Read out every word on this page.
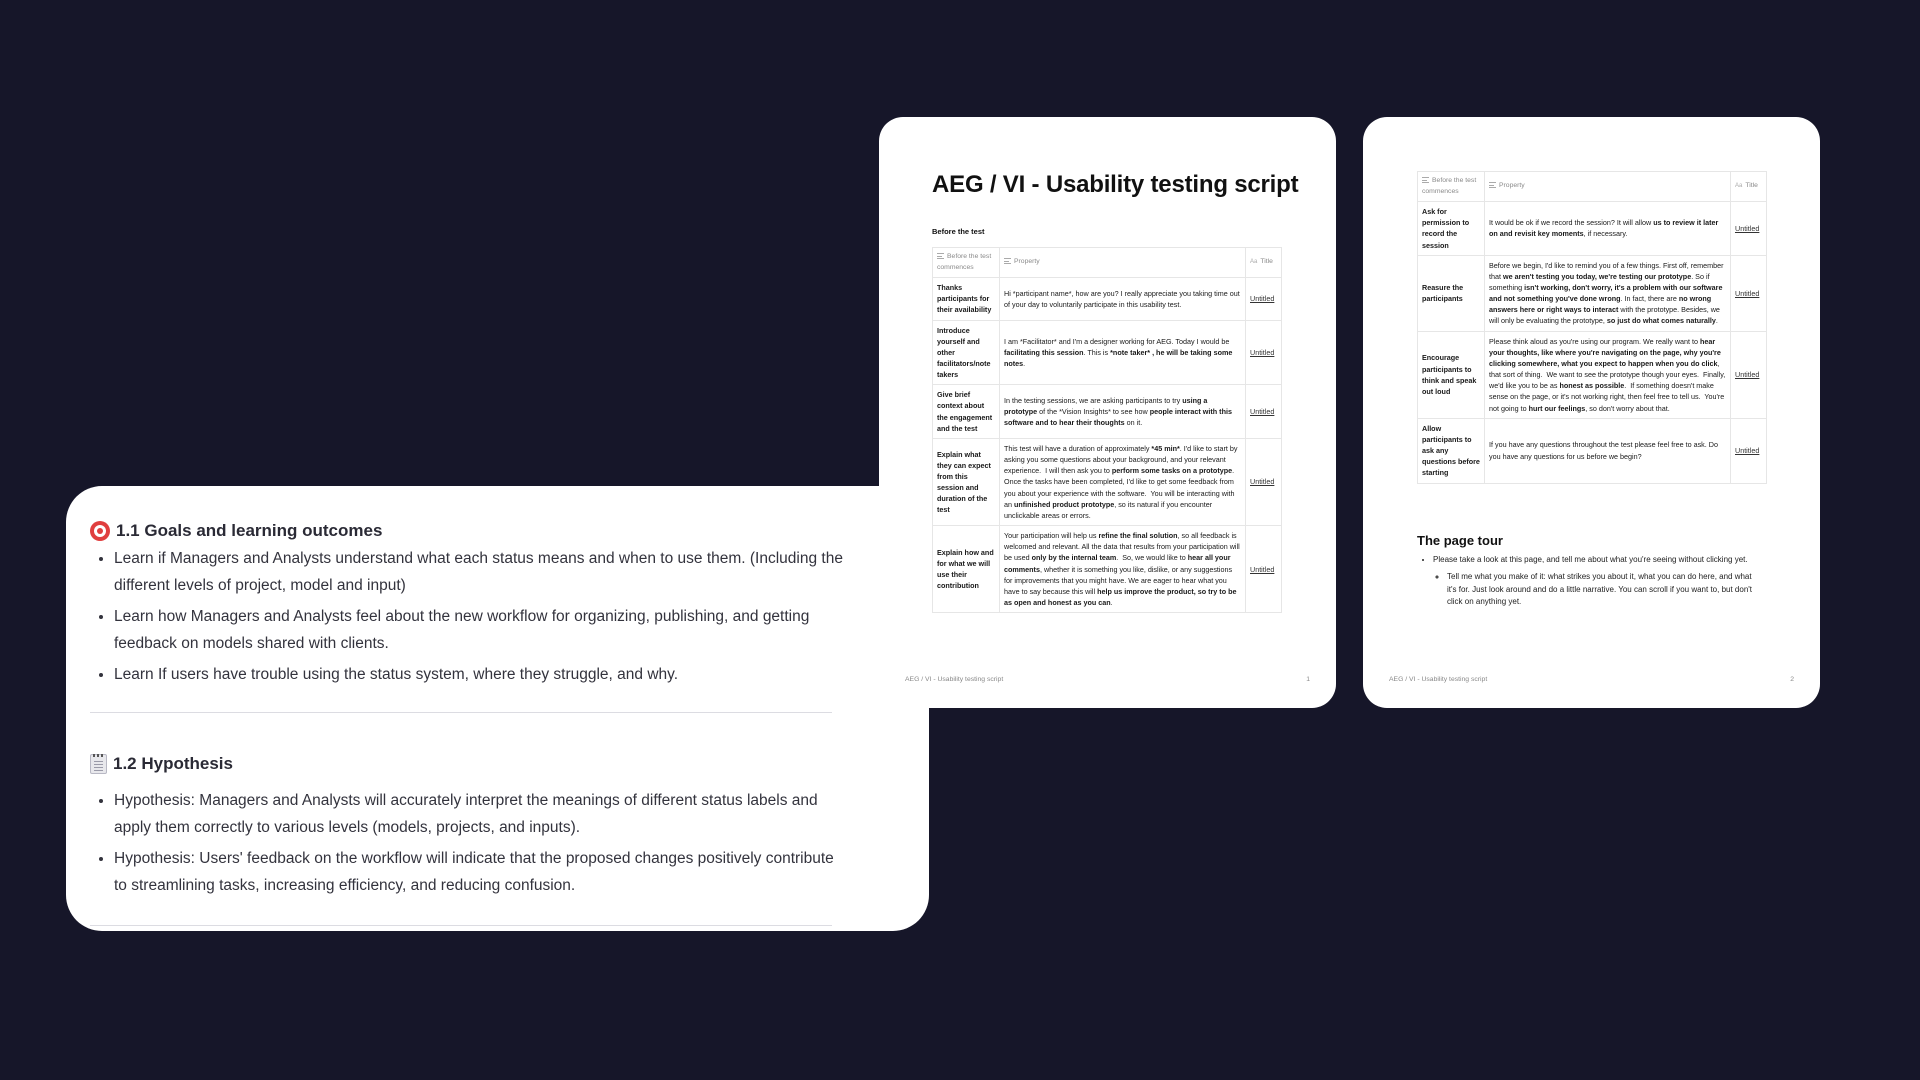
AEG / VI - Usability testing script
Before the test
Before the test commences	Property	Aa Title
Thanks participants for their availability	Hi *participant name*, how are you? I really appreciate you taking time out of your day to voluntarily participate in this usability test.	Untitled
Introduce yourself and other facilitators/note takers	I am *Facilitator* and I'm a designer working for AEG. Today I would be facilitating this session. This is *note taker* , he will be taking some notes.	Untitled
Give brief context about the engagement and the test	In the testing sessions, we are asking participants to try using a prototype of the *Vision Insights* to see how people interact with this software and to hear their thoughts on it.	Untitled
Explain what they can expect from this session and duration of the test	This test will have a duration of approximately *45 min*. I'd like to start by asking you some questions about your background, and your relevant experience.  I will then ask you to perform some tasks on a prototype.  Once the tasks have been completed, I'd like to get some feedback from you about your experience with the software.  You will be interacting with an unfinished product prototype, so its natural if you encounter unclickable areas or errors.	Untitled
Explain how and for what we will use their contribution	Your participation will help us refine the final solution, so all feedback is welcomed and relevant. All the data that results from your participation will be used only by the internal team.  So, we would like to hear all your comments, whether it is something you like, dislike, or any suggestions for improvements that you might have. We are eager to hear what you have to say because this will help us improve the product, so try to be as open and honest as you can.	Untitled
AEG / VI - Usability testing script	1
Before the test commences	Property	Aa Title
Ask for permission to record the session	It would be ok if we record the session? It will allow us to review it later on and revisit key moments, if necessary.	Untitled
Reasure the participants	Before we begin, I'd like to remind you of a few things. First off, remember that we aren't testing you today, we're testing our prototype. So if something isn't working, don't worry, it's a problem with our software and not something you've done wrong. In fact, there are no wrong answers here or right ways to interact with the prototype. Besides, we will only be evaluating the prototype, so just do what comes naturally.	Untitled
Encourage participants to think and speak out loud	Please think aloud as you're using our program. We really want to hear your thoughts, like where you're navigating on the page, why you're clicking somewhere, what you expect to happen when you do click, that sort of thing.  We want to see the prototype though your eyes.  Finally, we'd like you to be as honest as possible.  If something doesn't make sense on the page, or it's not working right, then feel free to tell us.  You're not going to hurt our feelings, so don't worry about that.	Untitled
Allow participants to ask any questions before starting	If you have any questions throughout the test please feel free to ask. Do you have any questions for us before we begin?	Untitled
The page tour
• Please take a look at this page, and tell me about what you're seeing without clicking yet.
◦ Tell me what you make of it: what strikes you about it, what you can do here, and what it's for. Just look around and do a little narrative. You can scroll if you want to, but don't click on anything yet.
AEG / VI - Usability testing script	2
1.1 Goals and learning outcomes
• Learn if Managers and Analysts understand what each status means and when to use them. (Including the different levels of project, model and input)
• Learn how Managers and Analysts feel about the new workflow for organizing, publishing, and getting feedback on models shared with clients.
• Learn If users have trouble using the status system, where they struggle, and why.
1.2 Hypothesis
• Hypothesis: Managers and Analysts will accurately interpret the meanings of different status labels and apply them correctly to various levels (models, projects, and inputs).
• Hypothesis: Users' feedback on the workflow will indicate that the proposed changes positively contribute to streamlining tasks, increasing efficiency, and reducing confusion.
